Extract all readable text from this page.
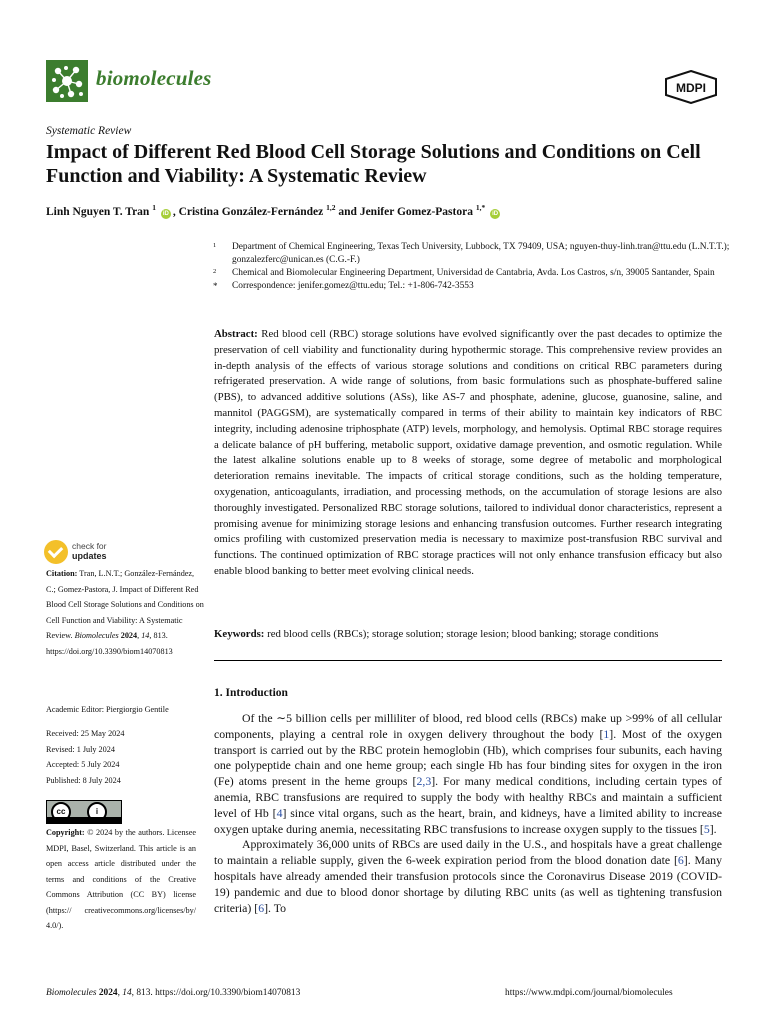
biomolecules	MDPI
Systematic Review
Impact of Different Red Blood Cell Storage Solutions and Conditions on Cell Function and Viability: A Systematic Review
Linh Nguyen T. Tran $^1$ iD , Cristina González-Fernández $^{1,2}$ and Jenifer Gomez-Pastora $^{1,*}$ iD
1 Department of Chemical Engineering, Texas Tech University, Lubbock, TX 79409, USA; nguyen-thuy-linh.tran@ttu.edu (L.N.T.T.); gonzalezferc@unican.es (C.G.-F.)
2 Chemical and Biomolecular Engineering Department, Universidad de Cantabria, Avda. Los Castros, s/n, 39005 Santander, Spain
* Correspondence: jenifer.gomez@ttu.edu; Tel.: +1-806-742-3553
Abstract: Red blood cell (RBC) storage solutions have evolved significantly over the past decades to optimize the preservation of cell viability and functionality during hypothermic storage. This comprehensive review provides an in-depth analysis of the effects of various storage solutions and conditions on critical RBC parameters during refrigerated preservation. A wide range of solutions, from basic formulations such as phosphate-buffered saline (PBS), to advanced additive solutions (ASs), like AS-7 and phosphate, adenine, glucose, guanosine, saline, and mannitol (PAGGSM), are systematically compared in terms of their ability to maintain key indicators of RBC integrity, including adenosine triphosphate (ATP) levels, morphology, and hemolysis. Optimal RBC storage requires a delicate balance of pH buffering, metabolic support, oxidative damage prevention, and osmotic regulation. While the latest alkaline solutions enable up to 8 weeks of storage, some degree of metabolic and morphological deterioration remains inevitable. The impacts of critical storage conditions, such as the holding temperature, oxygenation, anticoagulants, irradiation, and processing methods, on the accumulation of storage lesions are also thoroughly investigated. Personalized RBC storage solutions, tailored to individual donor characteristics, represent a promising avenue for minimizing storage lesions and enhancing transfusion outcomes. Further research integrating omics profiling with customized preservation media is necessary to maximize post-transfusion RBC survival and functions. The continued optimization of RBC storage practices will not only enhance transfusion efficacy but also enable blood banking to better meet evolving clinical needs.
Keywords: red blood cells (RBCs); storage solution; storage lesion; blood banking; storage conditions
check for
updates
Citation: Tran, L.N.T.; González-Fernández, C.; Gomez-Pastora, J. Impact of Different Red Blood Cell Storage Solutions and Conditions on Cell Function and Viability: A Systematic Review. Biomolecules 2024, 14, 813. https://doi.org/10.3390/biom14070813
Academic Editor: Piergiorgio Gentile
Received: 25 May 2024
Revised: 1 July 2024
Accepted: 5 July 2024
Published: 8 July 2024
cc	i
Copyright: © 2024 by the authors. Licensee MDPI, Basel, Switzerland. This article is an open access article distributed under the terms and conditions of the Creative Commons Attribution (CC BY) license (https:// creativecommons.org/licenses/by/ 4.0/).
1. Introduction

Of the ∼5 billion cells per milliliter of blood, red blood cells (RBCs) make up >99% of all cellular components, playing a central role in oxygen delivery throughout the body [1]. Most of the oxygen transport is carried out by the RBC protein hemoglobin (Hb), which comprises four subunits, each having one polypeptide chain and one heme group; each single Hb has four binding sites for oxygen in the iron (Fe) atoms present in the heme groups [2,3]. For many medical conditions, including certain types of anemia, RBC transfusions are required to supply the body with healthy RBCs and maintain a sufficient level of Hb [4] since vital organs, such as the heart, brain, and kidneys, have a limited ability to increase oxygen uptake during anemia, necessitating RBC transfusions to increase oxygen supply to the tissues [5].

Approximately 36,000 units of RBCs are used daily in the U.S., and hospitals have a great challenge to maintain a reliable supply, given the 6-week expiration period from the blood donation date [6]. Many hospitals have already amended their transfusion protocols since the Coronavirus Disease 2019 (COVID-19) pandemic and due to blood donor shortage by diluting RBC units (as well as tightening transfusion criteria) [6]. To

Biomolecules 2024, 14, 813. https://doi.org/10.3390/biom14070813	https://www.mdpi.com/journal/biomolecules
